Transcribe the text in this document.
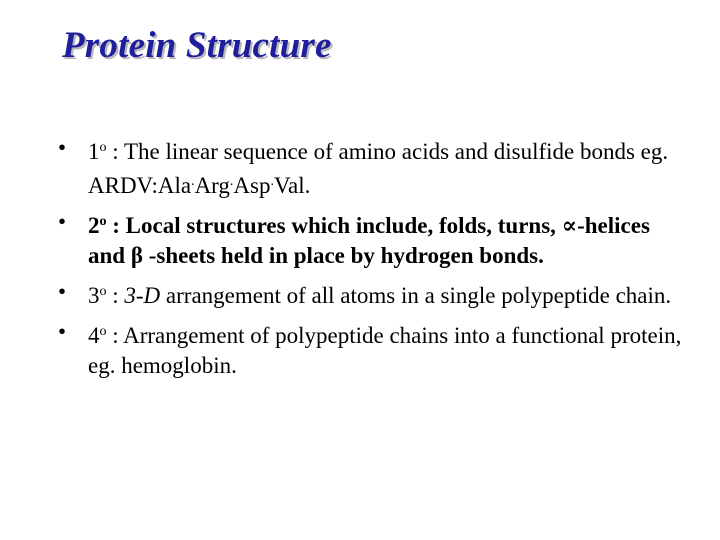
Protein Structure
• 1$^o$ : The linear sequence of amino acids and disulfide bonds eg. ARDV:Ala.Arg.Asp.Val.
• 2$^o$ : Local structures which include, folds, turns, ∝-helices and β -sheets held in place by hydrogen bonds.
• 3$^o$ : 3-D arrangement of all atoms in a single polypeptide chain.
• 4$^o$ : Arrangement of polypeptide chains into a functional protein, eg. hemoglobin.
